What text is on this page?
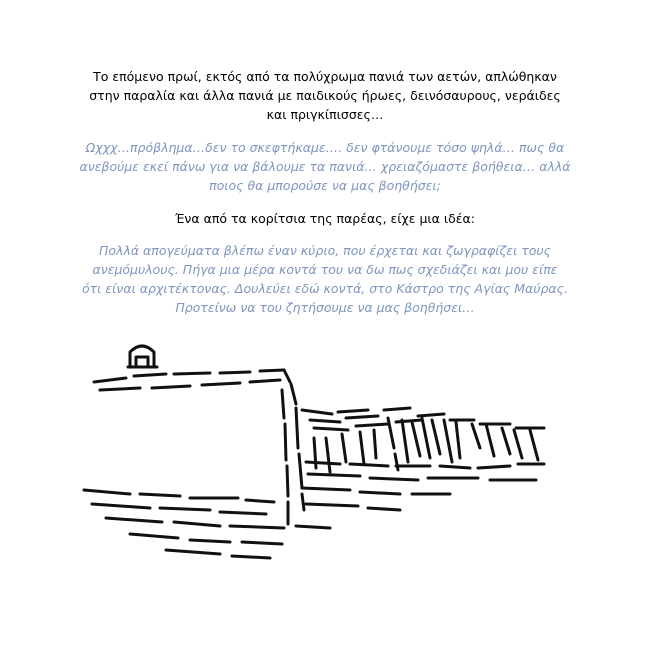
Το επόμενο πρωί, εκτός από τα πολύχρωμα πανιά των αετών, απλώθηκαν
στην παραλία και άλλα πανιά με παιδικούς ήρωες, δεινόσαυρους, νεράιδες
και πριγκίπισσες…

Ωχχχ…πρόβλημα…δεν το σκεφτήκαμε…. δεν φτάνουμε τόσο ψηλά… πως θα
ανεβούμε εκεί πάνω για να βάλουμε τα πανιά… χρειαζόμαστε βοήθεια… αλλά
ποιος θα μπορούσε να μας βοηθήσει;

Ένα από τα κορίτσια της παρέας, είχε μια ιδέα:

Πολλά απογεύματα βλέπω έναν κύριο, που έρχεται και ζωγραφίζει τους
ανεμόμυλους. Πήγα μια μέρα κοντά του να δω πως σχεδιάζει και μου είπε
ότι είναι αρχιτέκτονας. Δουλεύει εδώ κοντά, στο Κάστρο της Αγίας Μαύρας.
Προτείνω να του ζητήσουμε να μας βοηθήσει…
